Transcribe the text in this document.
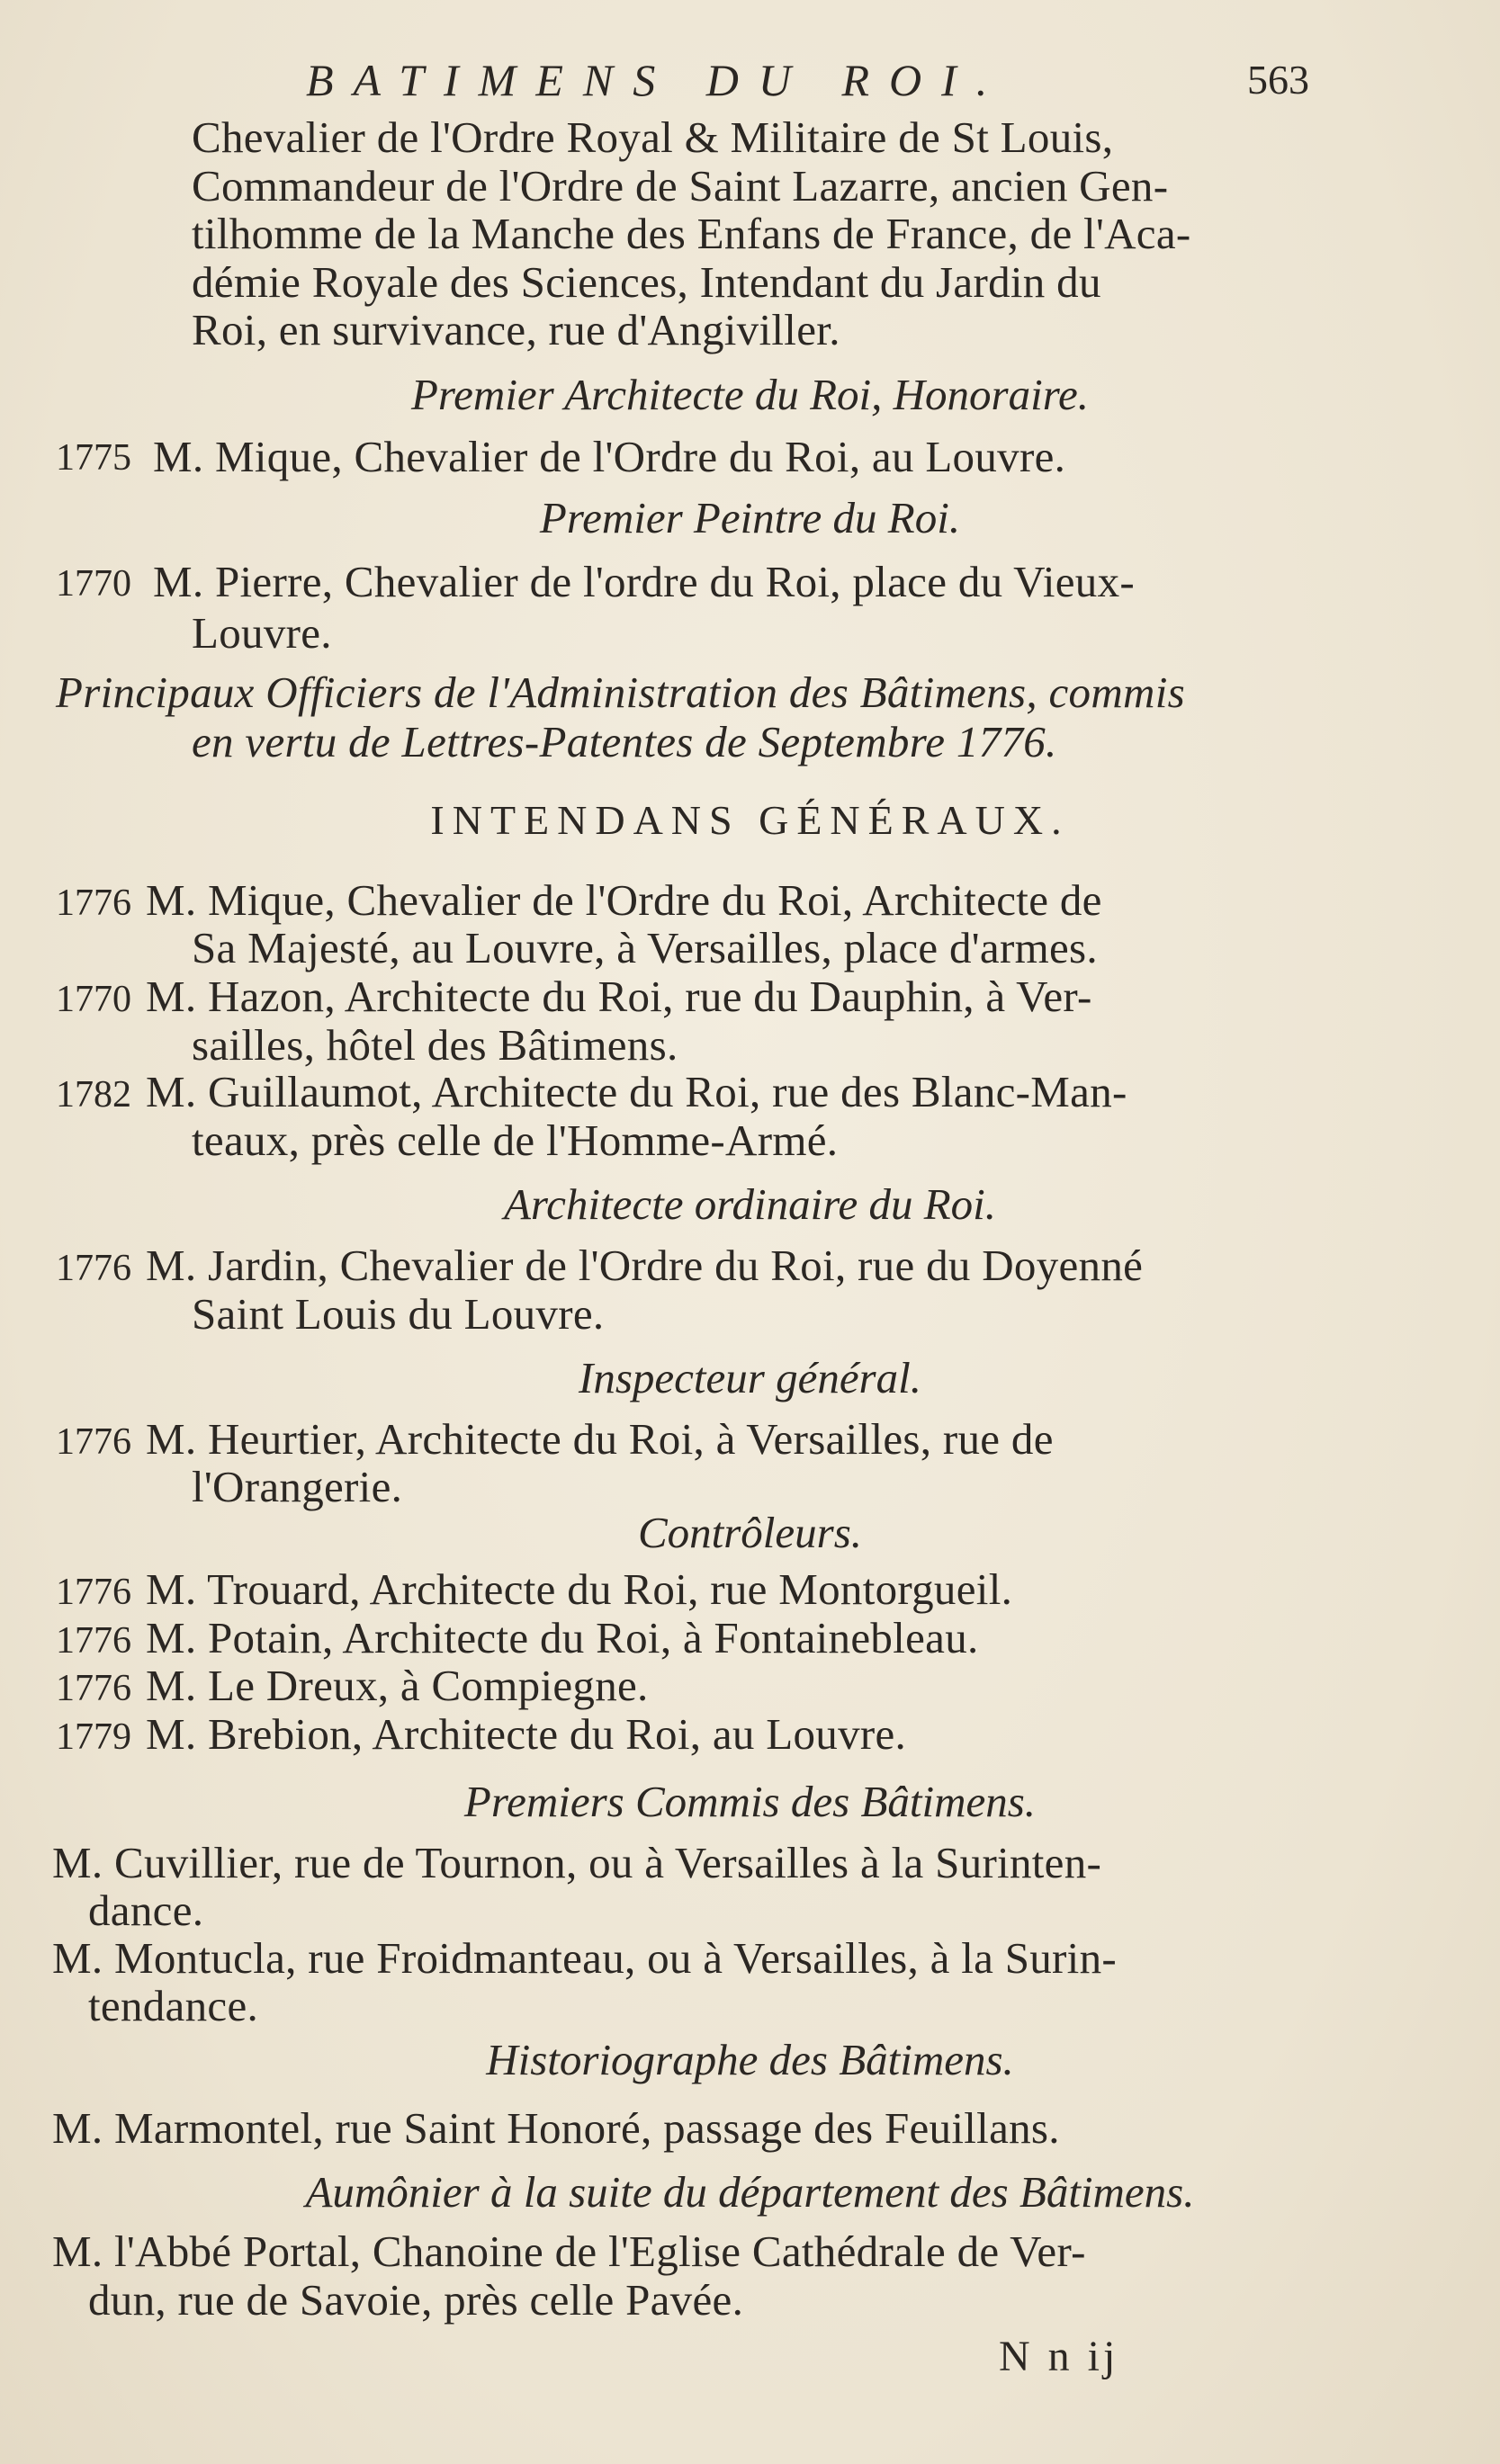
BATIMENS DU ROI.	563
Chevalier de l'Ordre Royal & Militaire de St Louis,
Commandeur de l'Ordre de Saint Lazarre, ancien Gen-
tilhomme de la Manche des Enfans de France, de l'Aca-
démie Royale des Sciences, Intendant du Jardin du
Roi, en survivance, rue d'Angiviller.
Premier Architecte du Roi, Honoraire.
1775 M. Mique, Chevalier de l'Ordre du Roi, au Louvre.
Premier Peintre du Roi.
1770 M. Pierre, Chevalier de l'ordre du Roi, place du Vieux-
Louvre.
Principaux Officiers de l'Administration des Bâtimens, commis
en vertu de Lettres-Patentes de Septembre 1776.
INTENDANS GÉNÉRAUX.
1776 M. Mique, Chevalier de l'Ordre du Roi, Architecte de
Sa Majesté, au Louvre, à Versailles, place d'armes.
1770 M. Hazon, Architecte du Roi, rue du Dauphin, à Ver-
sailles, hôtel des Bâtimens.
1782 M. Guillaumot, Architecte du Roi, rue des Blanc-Man-
teaux, près celle de l'Homme-Armé.
Architecte ordinaire du Roi.
1776 M. Jardin, Chevalier de l'Ordre du Roi, rue du Doyenné
Saint Louis du Louvre.
Inspecteur général.
1776 M. Heurtier, Architecte du Roi, à Versailles, rue de
l'Orangerie.
Contrôleurs.
1776 M. Trouard, Architecte du Roi, rue Montorgueil.
1776 M. Potain, Architecte du Roi, à Fontainebleau.
1776 M. Le Dreux, à Compiegne.
1779 M. Brebion, Architecte du Roi, au Louvre.
Premiers Commis des Bâtimens.
M. Cuvillier, rue de Tournon, ou à Versailles à la Surinten-
dance.
M. Montucla, rue Froidmanteau, ou à Versailles, à la Surin-
tendance.
Historiographe des Bâtimens.
M. Marmontel, rue Saint Honoré, passage des Feuillans.
Aumônier à la suite du département des Bâtimens.
M. l'Abbé Portal, Chanoine de l'Eglise Cathédrale de Ver-
dun, rue de Savoie, près celle Pavée.
N n ij
